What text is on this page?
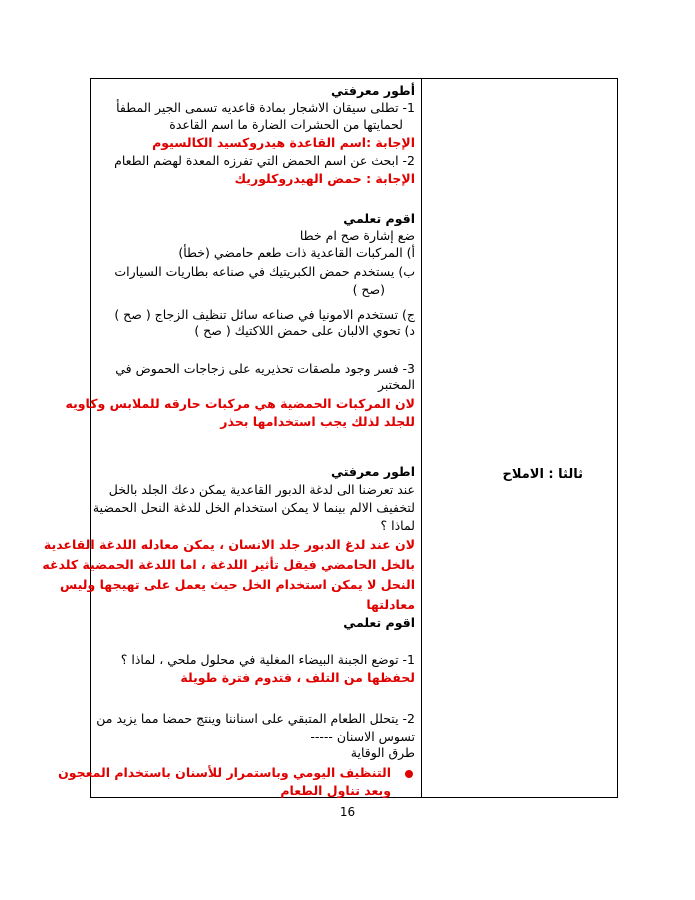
أطور معرفتي
1- تطلى سيقان الاشجار بمادة قاعديه تسمى الجير المطفأ
لحمايتها من الحشرات الضارة ما اسم القاعدة
الإجابة :اسم القاعدة هيدروكسيد الكالسيوم
2- ابحث عن اسم الحمض التي تفرزه المعدة لهضم الطعام
الإجابة : حمض الهيدروكلوريك
اقوم تعلمي
ضع إشارة صح ام خطا
أ) المركبات القاعدية ذات طعم حامضي (خطأ)
ب) يستخدم حمض الكبريتيك في صناعه بطاريات السيارات
(صح )
ج) تستخدم الامونيا في صناعه سائل تنظيف الزجاج ( صح )
د) تحوي الالبان على حمض اللاكتيك ( صح )
3- فسر وجود ملصقات تحذيريه على زجاجات الحموض في
المختبر
لان المركبات الحمضية هي مركبات حارقه للملابس وكاويه
للجلد لذلك يجب استخدامها بحذر
اطور معرفتي
عند تعرضنا الى لدغة الدبور القاعدية يمكن دعك الجلد بالخل
لتخفيف الالم بينما لا يمكن استخدام الخل للدغة النحل الحمضية
لماذا ؟
لان عند لدغ الدبور جلد الانسان ، يمكن معادله اللدغة القاعدية
بالخل الحامضي فيقل تأثير اللدغة ، اما اللدغة الحمضية كلدغه
النحل لا يمكن استخدام الخل حيث يعمل على تهيجها وليس
معادلتها
اقوم تعلمي
1- توضع الجبنة البيضاء المغلية في محلول ملحي ، لماذا ؟
لحفظها من التلف ، فتدوم فترة طويلة
2- يتحلل الطعام المتبقي على اسناننا وينتج حمضا مما يزيد من
تسوس الاسنان -----
طرق الوقاية
التنظيف اليومي وباستمرار للأسنان باستخدام المعجون
وبعد تناول الطعام
ثالثا : الاملاح
16
